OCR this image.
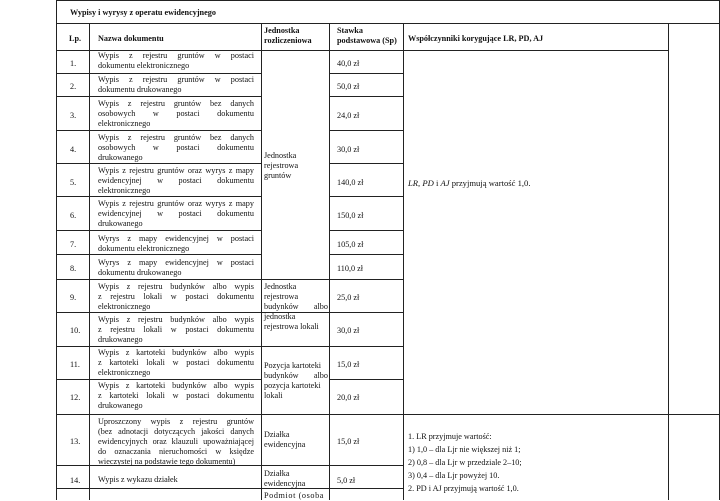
Wypisy i wyrysy z operatu ewidencyjnego
Lp. Nazwa dokumentu
Jednostka
rozliczeniowa
Stawka
podstawowa (Sp) Współczynniki korygujące LR, PD, AJ
1.
2.
3.
4.
5.
6.
7.
8.
9.
10.
11.
12.
13.
14.
Wypis z rejestru gruntów w postaci
dokumentu elektronicznego
Wypis z rejestru gruntów w postaci
dokumentu drukowanego
Wypis z rejestru gruntów bez danych
osobowych w postaci dokumentu
elektronicznego
Wypis z rejestru gruntów bez danych
osobowych w postaci dokumentu
drukowanego
Wypis z rejestru gruntów oraz wyrys z mapy
ewidencyjnej w postaci dokumentu
elektronicznego
Wypis z rejestru gruntów oraz wyrys z mapy
ewidencyjnej w postaci dokumentu
drukowanego
Wyrys z mapy ewidencyjnej w postaci
dokumentu elektronicznego
Wyrys z mapy ewidencyjnej w postaci
dokumentu drukowanego
Wypis z rejestru budynków albo wypis
z rejestru lokali w postaci dokumentu
elektronicznego
Wypis z rejestru budynków albo wypis
z rejestru lokali w postaci dokumentu
drukowanego
Wypis z kartoteki budynków albo wypis
z kartoteki lokali w postaci dokumentu
elektronicznego
Wypis z kartoteki budynków albo wypis
z kartoteki lokali w postaci dokumentu
drukowanego
Uproszczony wypis z rejestru gruntów
(bez adnotacji dotyczących jakości danych
ewidencyjnych oraz klauzuli upoważniającej
do oznaczania nieruchomości w księdze
wieczystej na podstawie tego dokumentu)
Wypis z wykazu działek
Jednostka
rejestrowa
gruntów
Jednostka
rejestrowa
budynków albo
jednostka
rejestrowa lokali
Pozycja kartoteki
budynków albo
pozycja kartoteki
lokali
Działka
ewidencyjna
Działka
ewidencyjna
Podmiot (osoba
40,0 zł
50,0 zł
24,0 zł
30,0 zł
140,0 zł
150,0 zł
105,0 zł
110,0 zł
25,0 zł
30,0 zł
15,0 zł
20,0 zł
15,0 zł
5,0 zł
LR, PD i AJ przyjmują wartość 1,0.
1. LR przyjmuje wartość:
1) 1,0 – dla Ljr nie większej niż 1;
2) 0,8 – dla Ljr w przedziale 2–10;
3) 0,4 – dla Ljr powyżej 10.
2. PD i AJ przyjmują wartość 1,0.
